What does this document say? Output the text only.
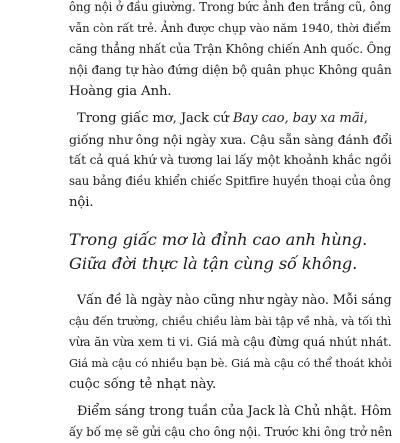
ông nội ở đầu giường. Trong bức ảnh đen trắng cũ, ông
vẫn còn rất trẻ. Ảnh được chụp vào năm 1940, thời điểm
căng thẳng nhất của Trận Không chiến Anh quốc. Ông
nội đang tự hào đứng diện bộ quân phục Không quân
Hoàng gia Anh.
Trong giấc mơ, Jack cứ Bay cao, bay xa mãi,
giống như ông nội ngày xưa. Cậu sẵn sàng đánh đổi
tất cả quá khứ và tương lai lấy một khoảnh khắc ngồi
sau bảng điều khiển chiếc Spitfire huyền thoại của ông
nội.
Trong giấc mơ là đỉnh cao anh hùng.
Giữa đời thực là tận cùng số không.
Vấn đề là ngày nào cũng như ngày nào. Mỗi sáng
cậu đến trường, chiều chiều làm bài tập về nhà, và tối thì
vừa ăn vừa xem ti vi. Giá mà cậu đừng quá nhút nhát.
Giá mà cậu có nhiều bạn bè. Giá mà cậu có thể thoát khỏi
cuộc sống tẻ nhạt này.
Điểm sáng trong tuần của Jack là Chủ nhật. Hôm
ấy bố mẹ sẽ gửi cậu cho ông nội. Trước khi ông trở nên
